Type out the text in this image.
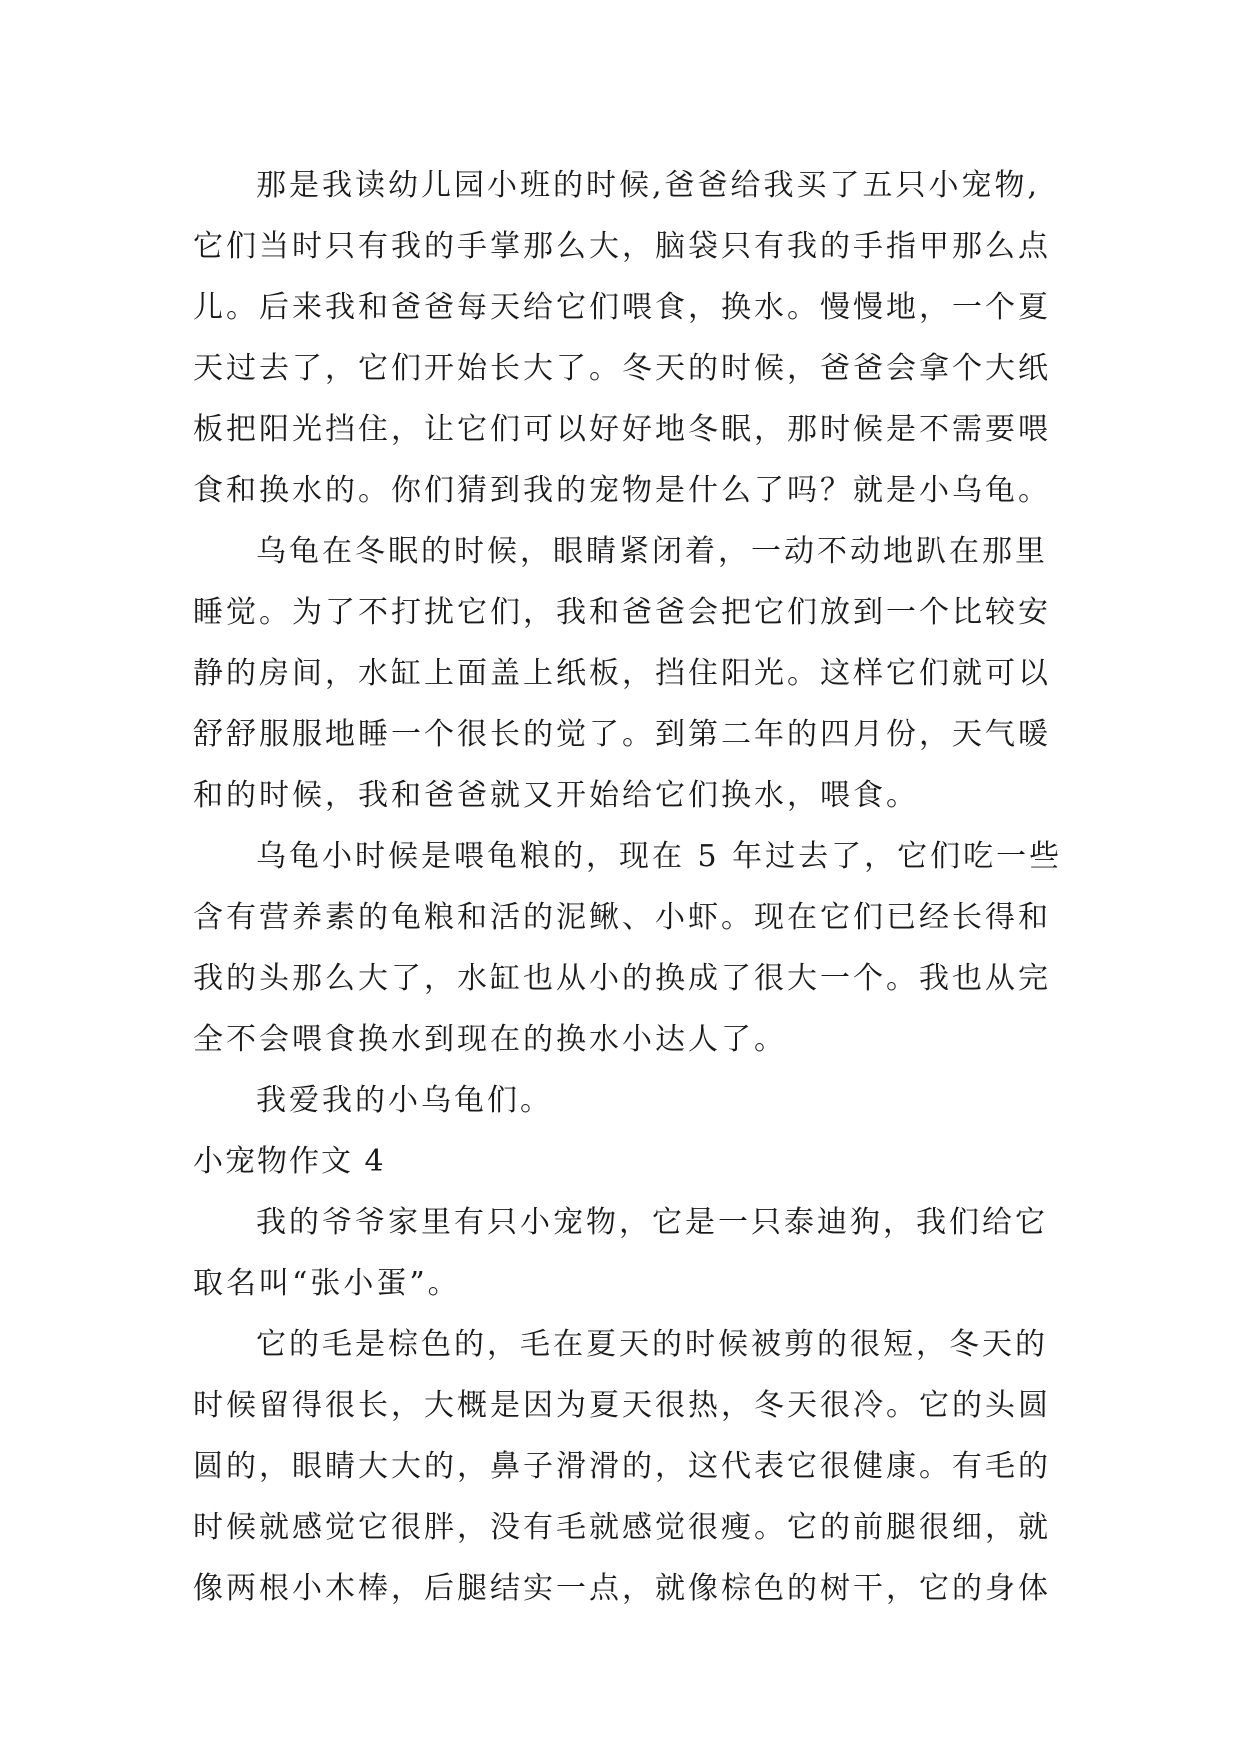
那是我读幼儿园小班的时候,爸爸给我买了五只小宠物,
它们当时只有我的手掌那么大，脑袋只有我的手指甲那么点
儿。后来我和爸爸每天给它们喂食，换水。慢慢地，一个夏
天过去了，它们开始长大了。冬天的时候，爸爸会拿个大纸
板把阳光挡住，让它们可以好好地冬眠，那时候是不需要喂
食和换水的。你们猜到我的宠物是什么了吗？就是小乌龟。
乌龟在冬眠的时候，眼睛紧闭着，一动不动地趴在那里
睡觉。为了不打扰它们，我和爸爸会把它们放到一个比较安
静的房间，水缸上面盖上纸板，挡住阳光。这样它们就可以
舒舒服服地睡一个很长的觉了。到第二年的四月份，天气暖
和的时候，我和爸爸就又开始给它们换水，喂食。
乌龟小时候是喂龟粮的，现在 5 年过去了，它们吃一些
含有营养素的龟粮和活的泥鳅、小虾。现在它们已经长得和
我的头那么大了，水缸也从小的换成了很大一个。我也从完
全不会喂食换水到现在的换水小达人了。
我爱我的小乌龟们。
小宠物作文 4
我的爷爷家里有只小宠物，它是一只泰迪狗，我们给它
取名叫“张小蛋”。
它的毛是棕色的，毛在夏天的时候被剪的很短，冬天的
时候留得很长，大概是因为夏天很热，冬天很冷。它的头圆
圆的，眼睛大大的，鼻子滑滑的，这代表它很健康。有毛的
时候就感觉它很胖，没有毛就感觉很瘦。它的前腿很细，就
像两根小木棒，后腿结实一点，就像棕色的树干，它的身体
